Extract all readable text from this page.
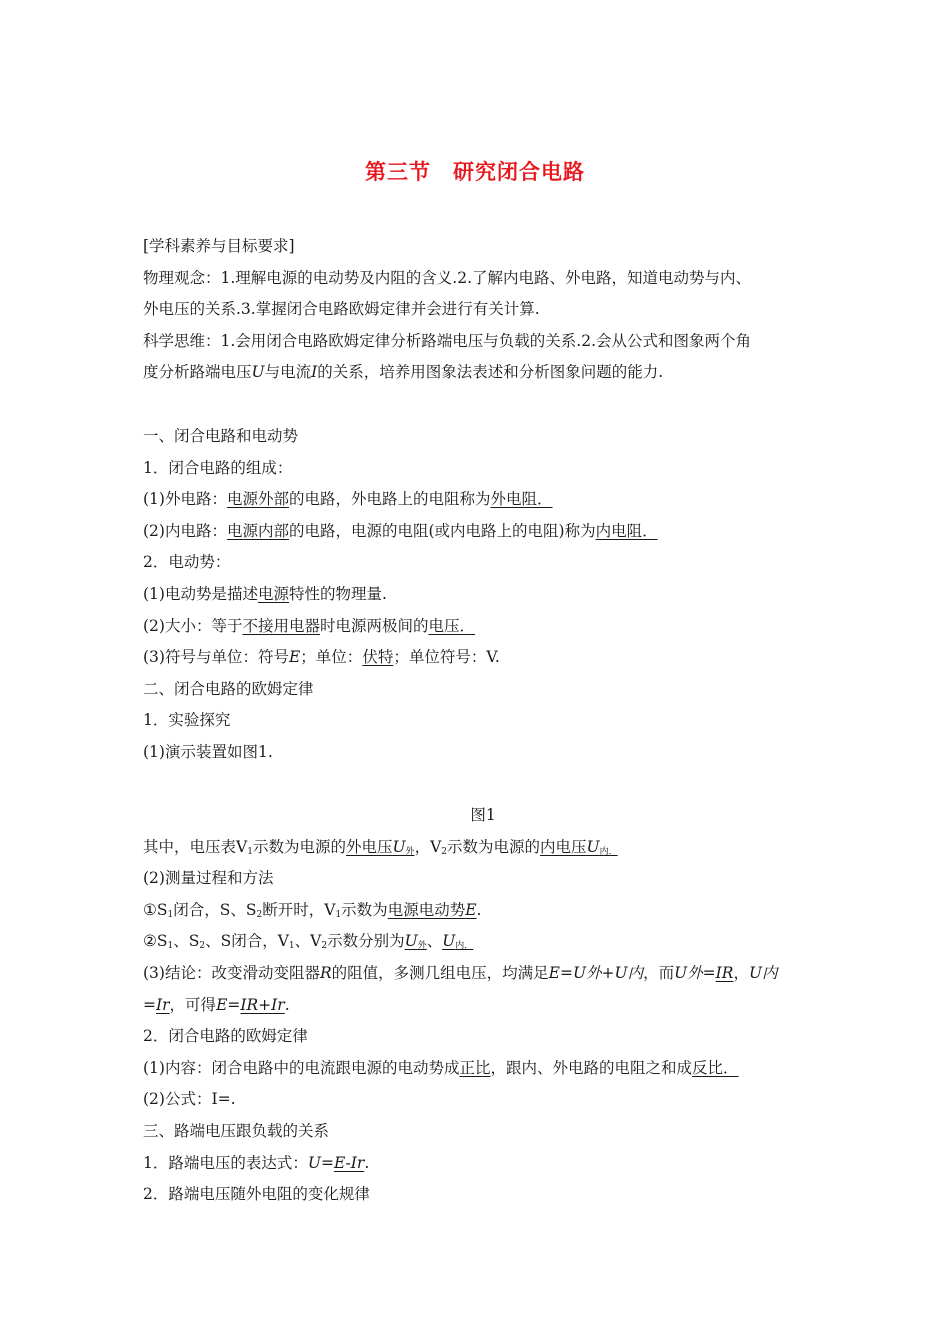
第三节　研究闭合电路
[学科素养与目标要求]
物理观念：1.理解电源的电动势及内阻的含义.2.了解内电路、外电路，知道电动势与内、
外电压的关系.3.掌握闭合电路欧姆定律并会进行有关计算.
科学思维：1.会用闭合电路欧姆定律分析路端电压与负载的关系.2.会从公式和图象两个角
度分析路端电压U与电流I的关系，培养用图象法表述和分析图象问题的能力.
一、闭合电路和电动势
1．闭合电路的组成：
(1)外电路：电源外部的电路，外电路上的电阻称为外电阻．
(2)内电路：电源内部的电路，电源的电阻(或内电路上的电阻)称为内电阻．
2．电动势：
(1)电动势是描述电源特性的物理量.
(2)大小：等于不接用电器时电源两极间的电压．
(3)符号与单位：符号E；单位：伏特；单位符号：V.
二、闭合电路的欧姆定律
1．实验探究
(1)演示装置如图1.
图1
其中，电压表$V_1$示数为电源的外电压$U_外$，$V_2$示数为电源的内电压$U_{内.}$
(2)测量过程和方法
$①S_1$闭合，S、$S_2$断开时，$V_1$示数为电源电动势E.
$②S_1$、$S_2$、S闭合，$V_1$、$V_2$示数分别为$U_外$、$U_{内.}$
(3)结论：改变滑动变阻器R的阻值，多测几组电压，均满足E=U外+U内，而U外=IR，U内
=Ir，可得E=IR+Ir.
2．闭合电路的欧姆定律
(1)内容：闭合电路中的电流跟电源的电动势成正比，跟内、外电路的电阻之和成反比．
(2)公式：I=.
三、路端电压跟负载的关系
1．路端电压的表达式：U=E-Ir.
2．路端电压随外电阻的变化规律
